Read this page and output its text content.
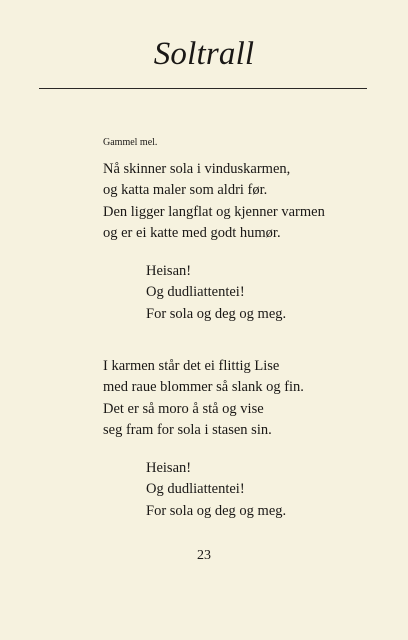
Soltrall
Gammel mel.
Nå skinner sola i vinduskarmen,
og katta maler som aldri før.
Den ligger langflat og kjenner varmen
og er ei katte med godt humør.
Heisan!
Og dudliattentei!
For sola og deg og meg.
I karmen står det ei flittig Lise
med raue blommer så slank og fin.
Det er så moro å stå og vise
seg fram for sola i stasen sin.
Heisan!
Og dudliattentei!
For sola og deg og meg.
23
